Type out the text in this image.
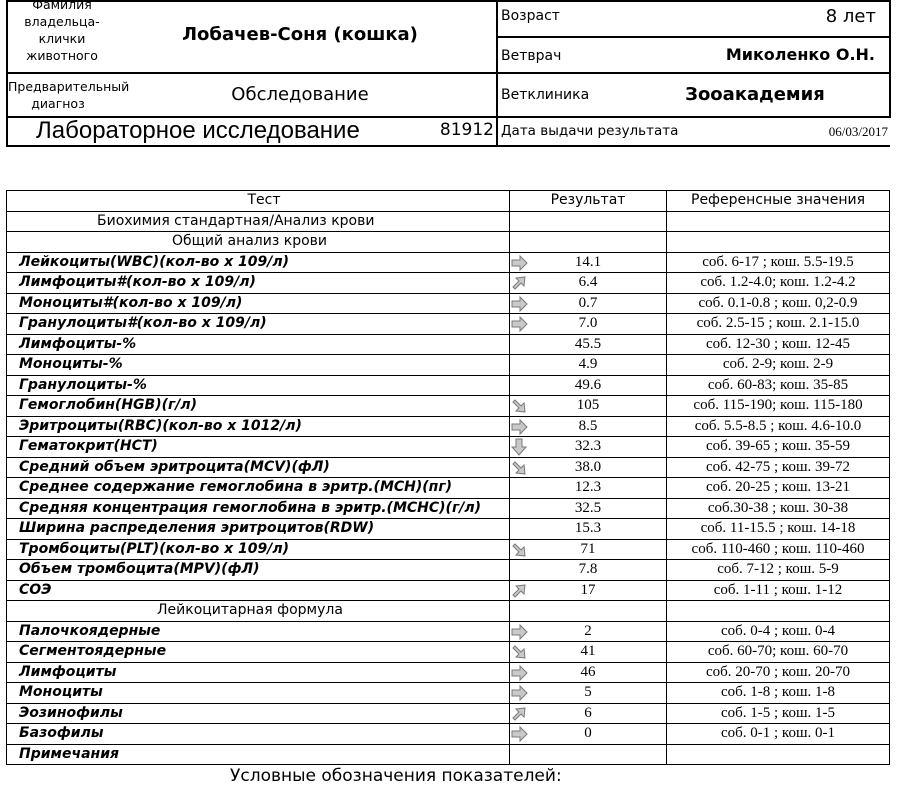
Фамилия владельца-клички животного
Лобачев-Соня (кошка)
Возраст	8 лет
Ветврач	Миколенко О.Н.
Предварительный диагноз	Обследование	Ветклиника	Зооакадемия
Лабораторное исследование	81912 Дата выдачи результата	06/03/2017
Тест	Результат	Референсные значения
Биохимия стандартная/Анализ крови		
Общий анализ крови		
Лейкоциты(WBC)(кол-во х 109/л)	14.1	соб. 6-17 ; кош. 5.5-19.5
Лимфоциты#(кол-во х 109/л)	6.4	соб. 1.2-4.0; кош. 1.2-4.2
Моноциты#(кол-во х 109/л)	0.7	соб. 0.1-0.8 ; кош. 0,2-0.9
Гранулоциты#(кол-во х 109/л)	7.0	соб. 2.5-15 ; кош. 2.1-15.0
Лимфоциты-%	45.5	соб. 12-30 ; кош. 12-45
Моноциты-%	4.9	соб. 2-9; кош. 2-9
Гранулоциты-%	49.6	соб. 60-83; кош. 35-85
Гемоглобин(HGB)(г/л)	105	соб. 115-190; кош. 115-180
Эритроциты(RBC)(кол-во х 1012/л)	8.5	соб. 5.5-8.5 ; кош. 4.6-10.0
Гематокрит(HCT)	32.3	соб. 39-65 ; кош. 35-59
Средний объем эритроцита(MCV)(фЛ)	38.0	соб. 42-75 ; кош. 39-72
Среднее содержание гемоглобина в эритр.(MCH)(пг)	12.3	соб. 20-25 ; кош. 13-21
Средняя концентрация гемоглобина в эритр.(MCHC)(г/л)	32.5	соб.30-38 ; кош. 30-38
Ширина распределения эритроцитов(RDW)	15.3	соб. 11-15.5 ; кош. 14-18
Тромбоциты(PLT)(кол-во х 109/л)	71	соб. 110-460 ; кош. 110-460
Объем тромбоцита(MPV)(фЛ)	7.8	соб. 7-12 ; кош. 5-9
СОЭ	17	соб. 1-11 ; кош. 1-12
Лейкоцитарная формула		
Палочкоядерные	2	соб. 0-4 ; кош. 0-4
Сегментоядерные	41	соб. 60-70; кош. 60-70
Лимфоциты	46	соб. 20-70 ; кош. 20-70
Моноциты	5	соб. 1-8 ; кош. 1-8
Эозинофилы	6	соб. 1-5 ; кош. 1-5
Базофилы	0	соб. 0-1 ; кош. 0-1
Примечания		
Условные обозначения показателей:
